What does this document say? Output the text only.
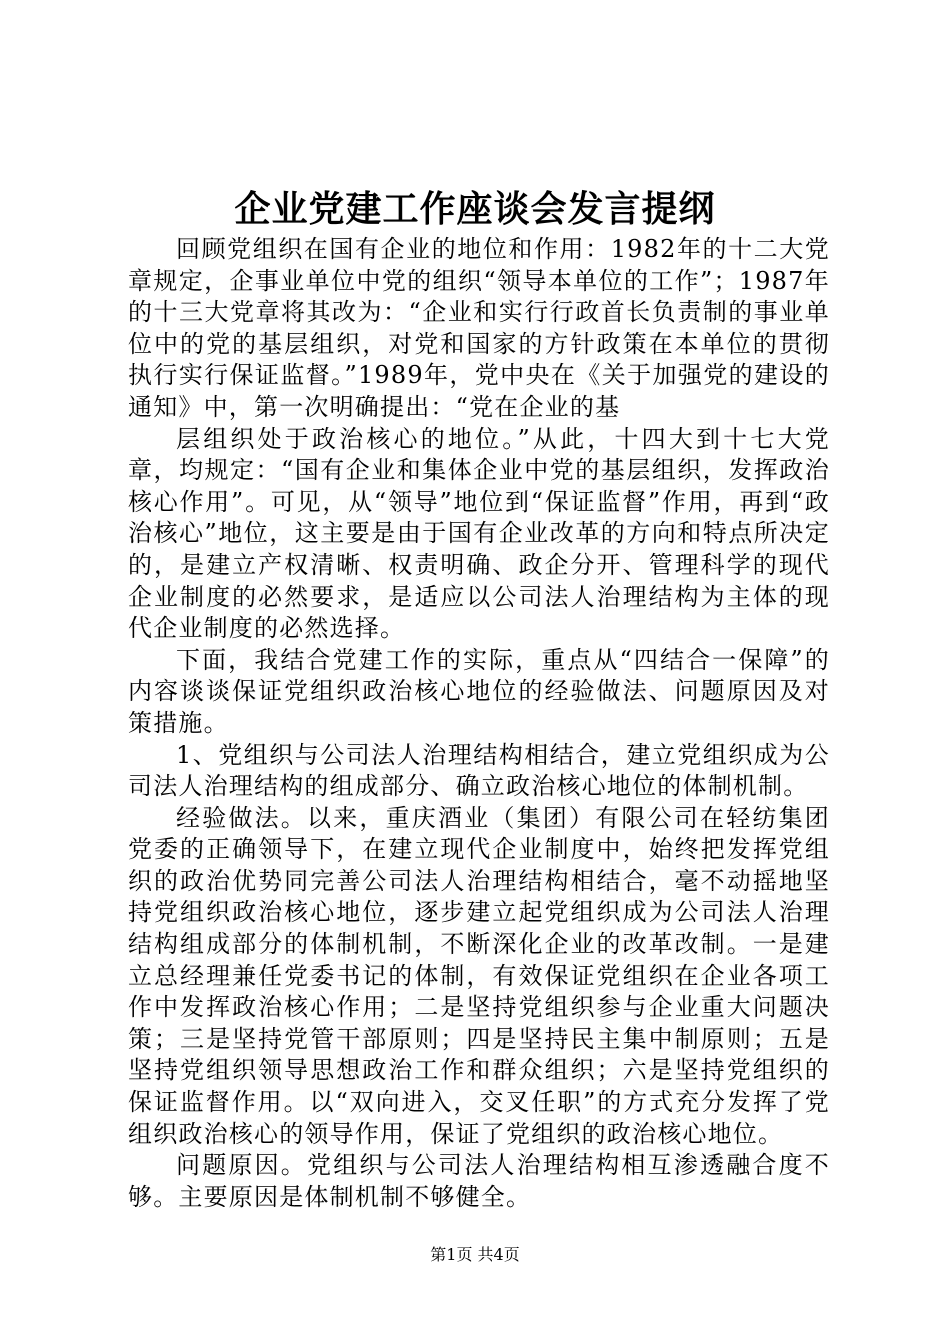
企业党建工作座谈会发言提纲

回顾党组织在国有企业的地位和作用：1982年的十二大党章规定，企事业单位中党的组织“领导本单位的工作”；1987年的十三大党章将其改为：“企业和实行行政首长负责制的事业单位中的党的基层组织，对党和国家的方针政策在本单位的贯彻执行实行保证监督。”1989年，党中央在《关于加强党的建设的通知》中，第一次明确提出：“党在企业的基

层组织处于政治核心的地位。”从此，十四大到十七大党章，均规定：“国有企业和集体企业中党的基层组织，发挥政治核心作用”。可见，从“领导”地位到“保证监督”作用，再到“政治核心”地位，这主要是由于国有企业改革的方向和特点所决定的，是建立产权清晰、权责明确、政企分开、管理科学的现代企业制度的必然要求，是适应以公司法人治理结构为主体的现代企业制度的必然选择。

下面，我结合党建工作的实际，重点从“四结合一保障”的内容谈谈保证党组织政治核心地位的经验做法、问题原因及对策措施。

1、党组织与公司法人治理结构相结合，建立党组织成为公司法人治理结构的组成部分、确立政治核心地位的体制机制。

经验做法。以来，重庆酒业（集团）有限公司在轻纺集团党委的正确领导下，在建立现代企业制度中，始终把发挥党组织的政治优势同完善公司法人治理结构相结合，毫不动摇地坚持党组织政治核心地位，逐步建立起党组织成为公司法人治理结构组成部分的体制机制，不断深化企业的改革改制。一是建立总经理兼任党委书记的体制，有效保证党组织在企业各项工作中发挥政治核心作用；二是坚持党组织参与企业重大问题决策；三是坚持党管干部原则；四是坚持民主集中制原则；五是坚持党组织领导思想政治工作和群众组织；六是坚持党组织的保证监督作用。以“双向进入，交叉任职”的方式充分发挥了党组织政治核心的领导作用，保证了党组织的政治核心地位。

问题原因。党组织与公司法人治理结构相互渗透融合度不够。主要原因是体制机制不够健全。

第1页 共4页
